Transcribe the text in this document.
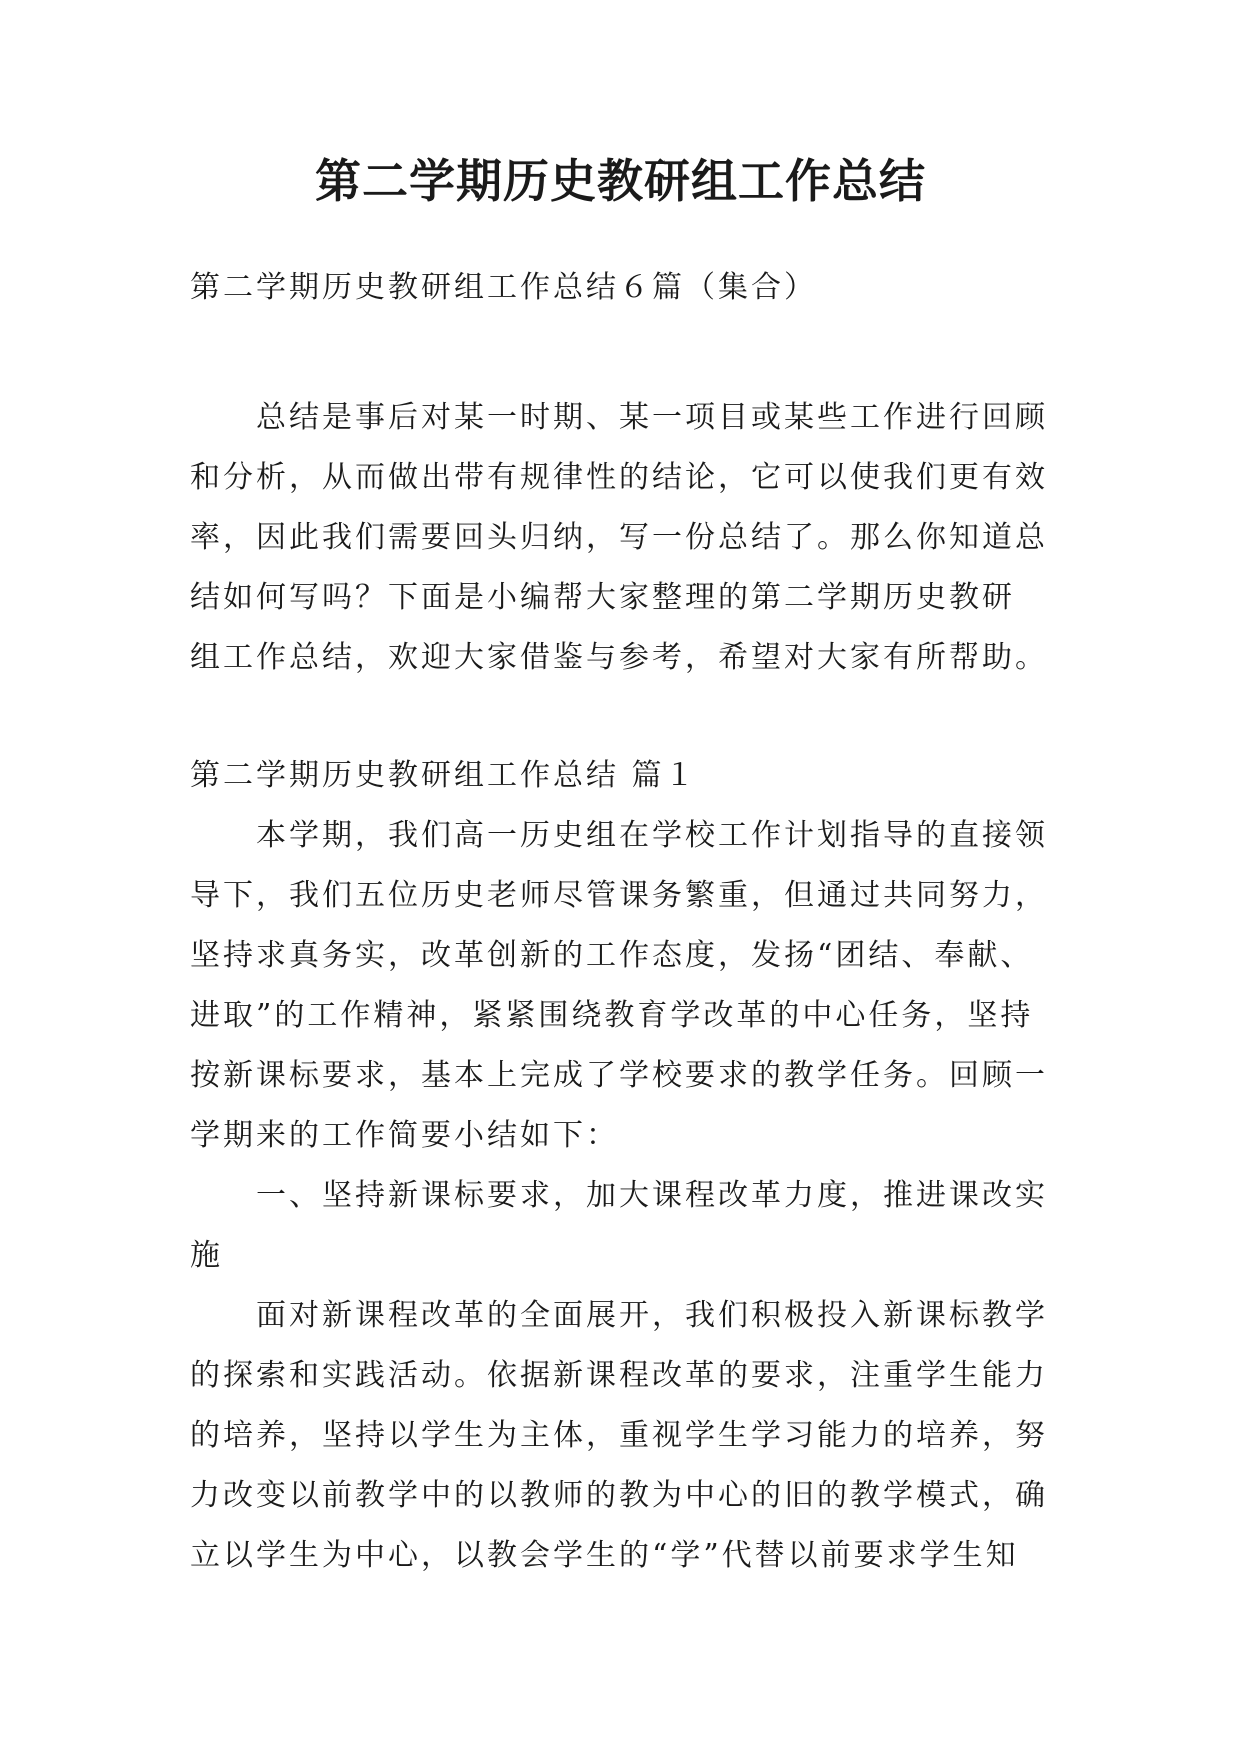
第二学期历史教研组工作总结
第二学期历史教研组工作总结６篇（集合）
　　总结是事后对某一时期、某一项目或某些工作进行回顾
和分析，从而做出带有规律性的结论，它可以使我们更有效
率，因此我们需要回头归纳，写一份总结了。那么你知道总
结如何写吗？下面是小编帮大家整理的第二学期历史教研
组工作总结，欢迎大家借鉴与参考，希望对大家有所帮助。
第二学期历史教研组工作总结 篇１
　　本学期，我们高一历史组在学校工作计划指导的直接领
导下，我们五位历史老师尽管课务繁重，但通过共同努力，
坚持求真务实，改革创新的工作态度，发扬“团结、奉献、
进取”的工作精神，紧紧围绕教育学改革的中心任务，坚持
按新课标要求，基本上完成了学校要求的教学任务。回顾一
学期来的工作简要小结如下：
　　一、坚持新课标要求，加大课程改革力度，推进课改实
施
　　面对新课程改革的全面展开，我们积极投入新课标教学
的探索和实践活动。依据新课程改革的要求，注重学生能力
的培养，坚持以学生为主体，重视学生学习能力的培养，努
力改变以前教学中的以教师的教为中心的旧的教学模式，确
立以学生为中心，以教会学生的“学”代替以前要求学生知
